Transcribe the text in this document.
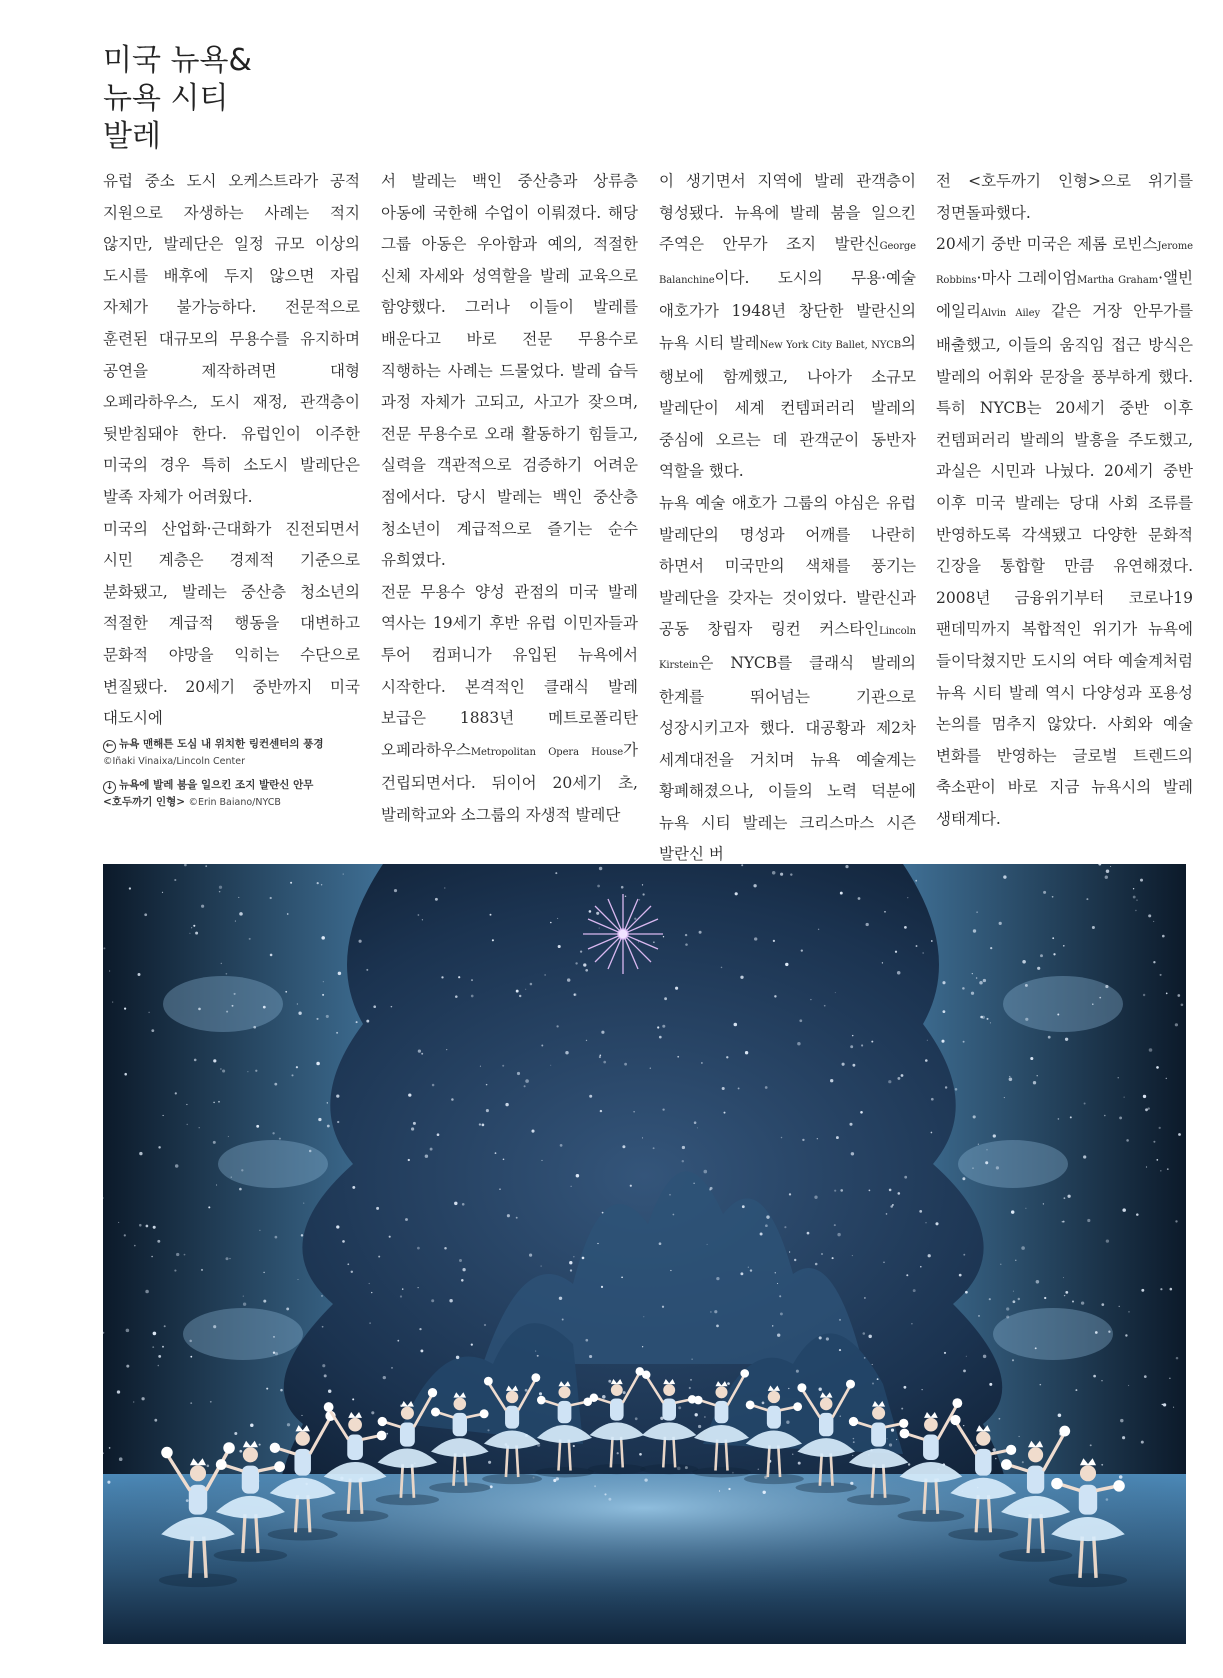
미국 뉴욕&
뉴욕 시티
발레

유럽 중소 도시 오케스트라가 공적 지원으로 자생하는 사례는 적지 않지만, 발레단은 일정 규모 이상의 도시를 배후에 두지 않으면 자립 자체가 불가능하다. 전문적으로 훈련된 대규모의 무용수를 유지하며 공연을 제작하려면 대형 오페라하우스, 도시 재정, 관객층이 뒷받침돼야 한다. 유럽인이 이주한 미국의 경우 특히 소도시 발레단은 발족 자체가 어려웠다.

미국의 산업화·근대화가 진전되면서 시민 계층은 경제적 기준으로 분화됐고, 발레는 중산층 청소년의 적절한 계급적 행동을 대변하고 문화적 야망을 익히는 수단으로 변질됐다. 20세기 중반까지 미국 대도시에

서 발레는 백인 중산층과 상류층 아동에 국한해 수업이 이뤄졌다. 해당 그룹 아동은 우아함과 예의, 적절한 신체 자세와 성역할을 발레 교육으로 함양했다. 그러나 이들이 발레를 배운다고 바로 전문 무용수로 직행하는 사례는 드물었다. 발레 습득 과정 자체가 고되고, 사고가 잦으며, 전문 무용수로 오래 활동하기 힘들고, 실력을 객관적으로 검증하기 어려운 점에서다. 당시 발레는 백인 중산층 청소년이 계급적으로 즐기는 순수 유희였다.

전문 무용수 양성 관점의 미국 발레 역사는 19세기 후반 유럽 이민자들과 투어 컴퍼니가 유입된 뉴욕에서 시작한다. 본격적인 클래식 발레 보급은 1883년 메트로폴리탄 오페라하우스Metropolitan Opera House가 건립되면서다. 뒤이어 20세기 초, 발레학교와 소그룹의 자생적 발레단

이 생기면서 지역에 발레 관객층이 형성됐다. 뉴욕에 발레 붐을 일으킨 주역은 안무가 조지 발란신George Balanchine이다. 도시의 무용·예술 애호가가 1948년 창단한 발란신의 뉴욕 시티 발레New York City Ballet, NYCB의 행보에 함께했고, 나아가 소규모 발레단이 세계 컨템퍼러리 발레의 중심에 오르는 데 관객군이 동반자 역할을 했다.

뉴욕 예술 애호가 그룹의 야심은 유럽 발레단의 명성과 어깨를 나란히 하면서 미국만의 색채를 풍기는 발레단을 갖자는 것이었다. 발란신과 공동 창립자 링컨 커스타인Lincoln Kirstein은 NYCB를 클래식 발레의 한계를 뛰어넘는 기관으로 성장시키고자 했다. 대공황과 제2차 세계대전을 거치며 뉴욕 예술계는 황폐해졌으나, 이들의 노력 덕분에 뉴욕 시티 발레는 크리스마스 시즌 발란신 버

전 <호두까기 인형>으로 위기를 정면돌파했다.

20세기 중반 미국은 제롬 로빈스Jerome Robbins·마사 그레이엄Martha Graham·앨빈 에일리Alvin Ailey 같은 거장 안무가를 배출했고, 이들의 움직임 접근 방식은 발레의 어휘와 문장을 풍부하게 했다. 특히 NYCB는 20세기 중반 이후 컨템퍼러리 발레의 발흥을 주도했고, 과실은 시민과 나눴다. 20세기 중반 이후 미국 발레는 당대 사회 조류를 반영하도록 각색됐고 다양한 문화적 긴장을 통합할 만큼 유연해졌다. 2008년 금융위기부터 코로나19 팬데믹까지 복합적인 위기가 뉴욕에 들이닥쳤지만 도시의 여타 예술계처럼 뉴욕 시티 발레 역시 다양성과 포용성 논의를 멈추지 않았다. 사회와 예술 변화를 반영하는 글로벌 트렌드의 축소판이 바로 지금 뉴욕시의 발레 생태계다.

← 뉴욕 맨해튼 도심 내 위치한 링컨센터의 풍경
©Iñaki Vinaixa/Lincoln Center
↓ 뉴욕에 발레 붐을 일으킨 조지 발란신 안무
<호두까기 인형> ©Erin Baiano/NYCB
